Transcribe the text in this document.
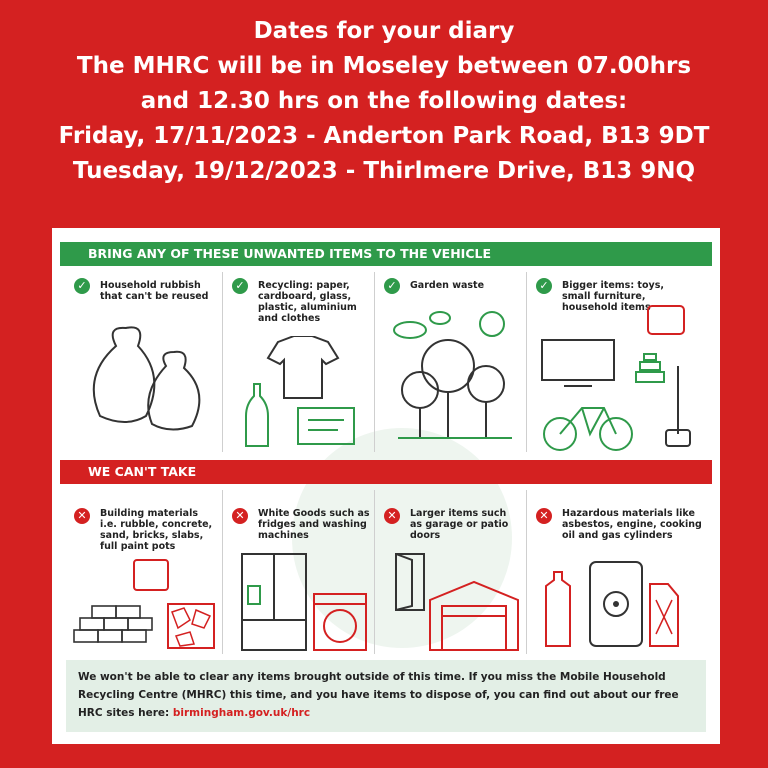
Dates for your diary
The MHRC will be in Moseley between 07.00hrs
and 12.30 hrs on the following dates:
Friday, 17/11/2023 - Anderton Park Road, B13 9DT
Tuesday, 19/12/2023 - Thirlmere Drive, B13 9NQ
BRING ANY OF THESE UNWANTED ITEMS TO THE VEHICLE
✓	Household rubbish that can't be reused
✓	Recycling: paper, cardboard, glass, plastic, aluminium and clothes
✓	Garden waste	✓	Bigger items: toys, small furniture, household items
WE CAN'T TAKE
✕	Building materials i.e. rubble, concrete, sand, bricks, slabs, full paint pots
✕	White Goods such as fridges and washing machines
✕	Larger items such as garage or patio doors
✕	Hazardous materials like asbestos, engine, cooking oil and gas cylinders
We won't be able to clear any items brought outside of this time. If you miss the Mobile Household Recycling Centre (MHRC) this time, and you have items to dispose of, you can find out about our free HRC sites here: birmingham.gov.uk/hrc
